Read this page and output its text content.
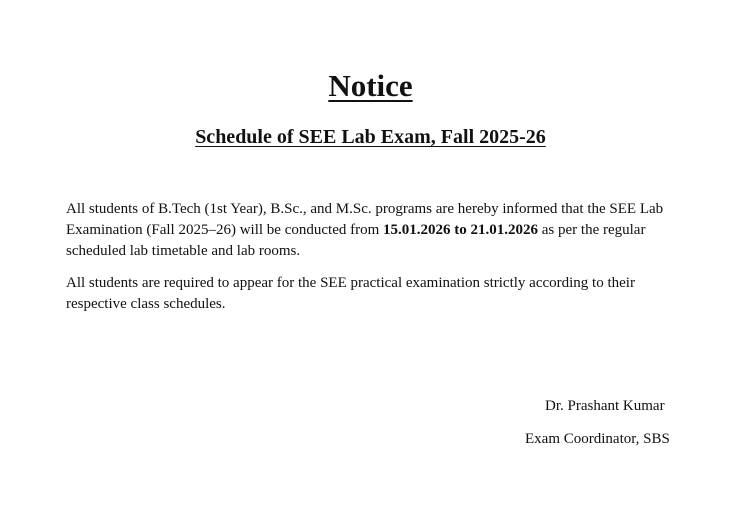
Notice
Schedule of SEE Lab Exam, Fall 2025-26

All students of B.Tech (1st Year), B.Sc., and M.Sc. programs are hereby informed that the SEE Lab Examination (Fall 2025–26) will be conducted from 15.01.2026 to 21.01.2026 as per the regular scheduled lab timetable and lab rooms.

All students are required to appear for the SEE practical examination strictly according to their respective class schedules.

Dr. Prashant Kumar
Exam Coordinator, SBS
